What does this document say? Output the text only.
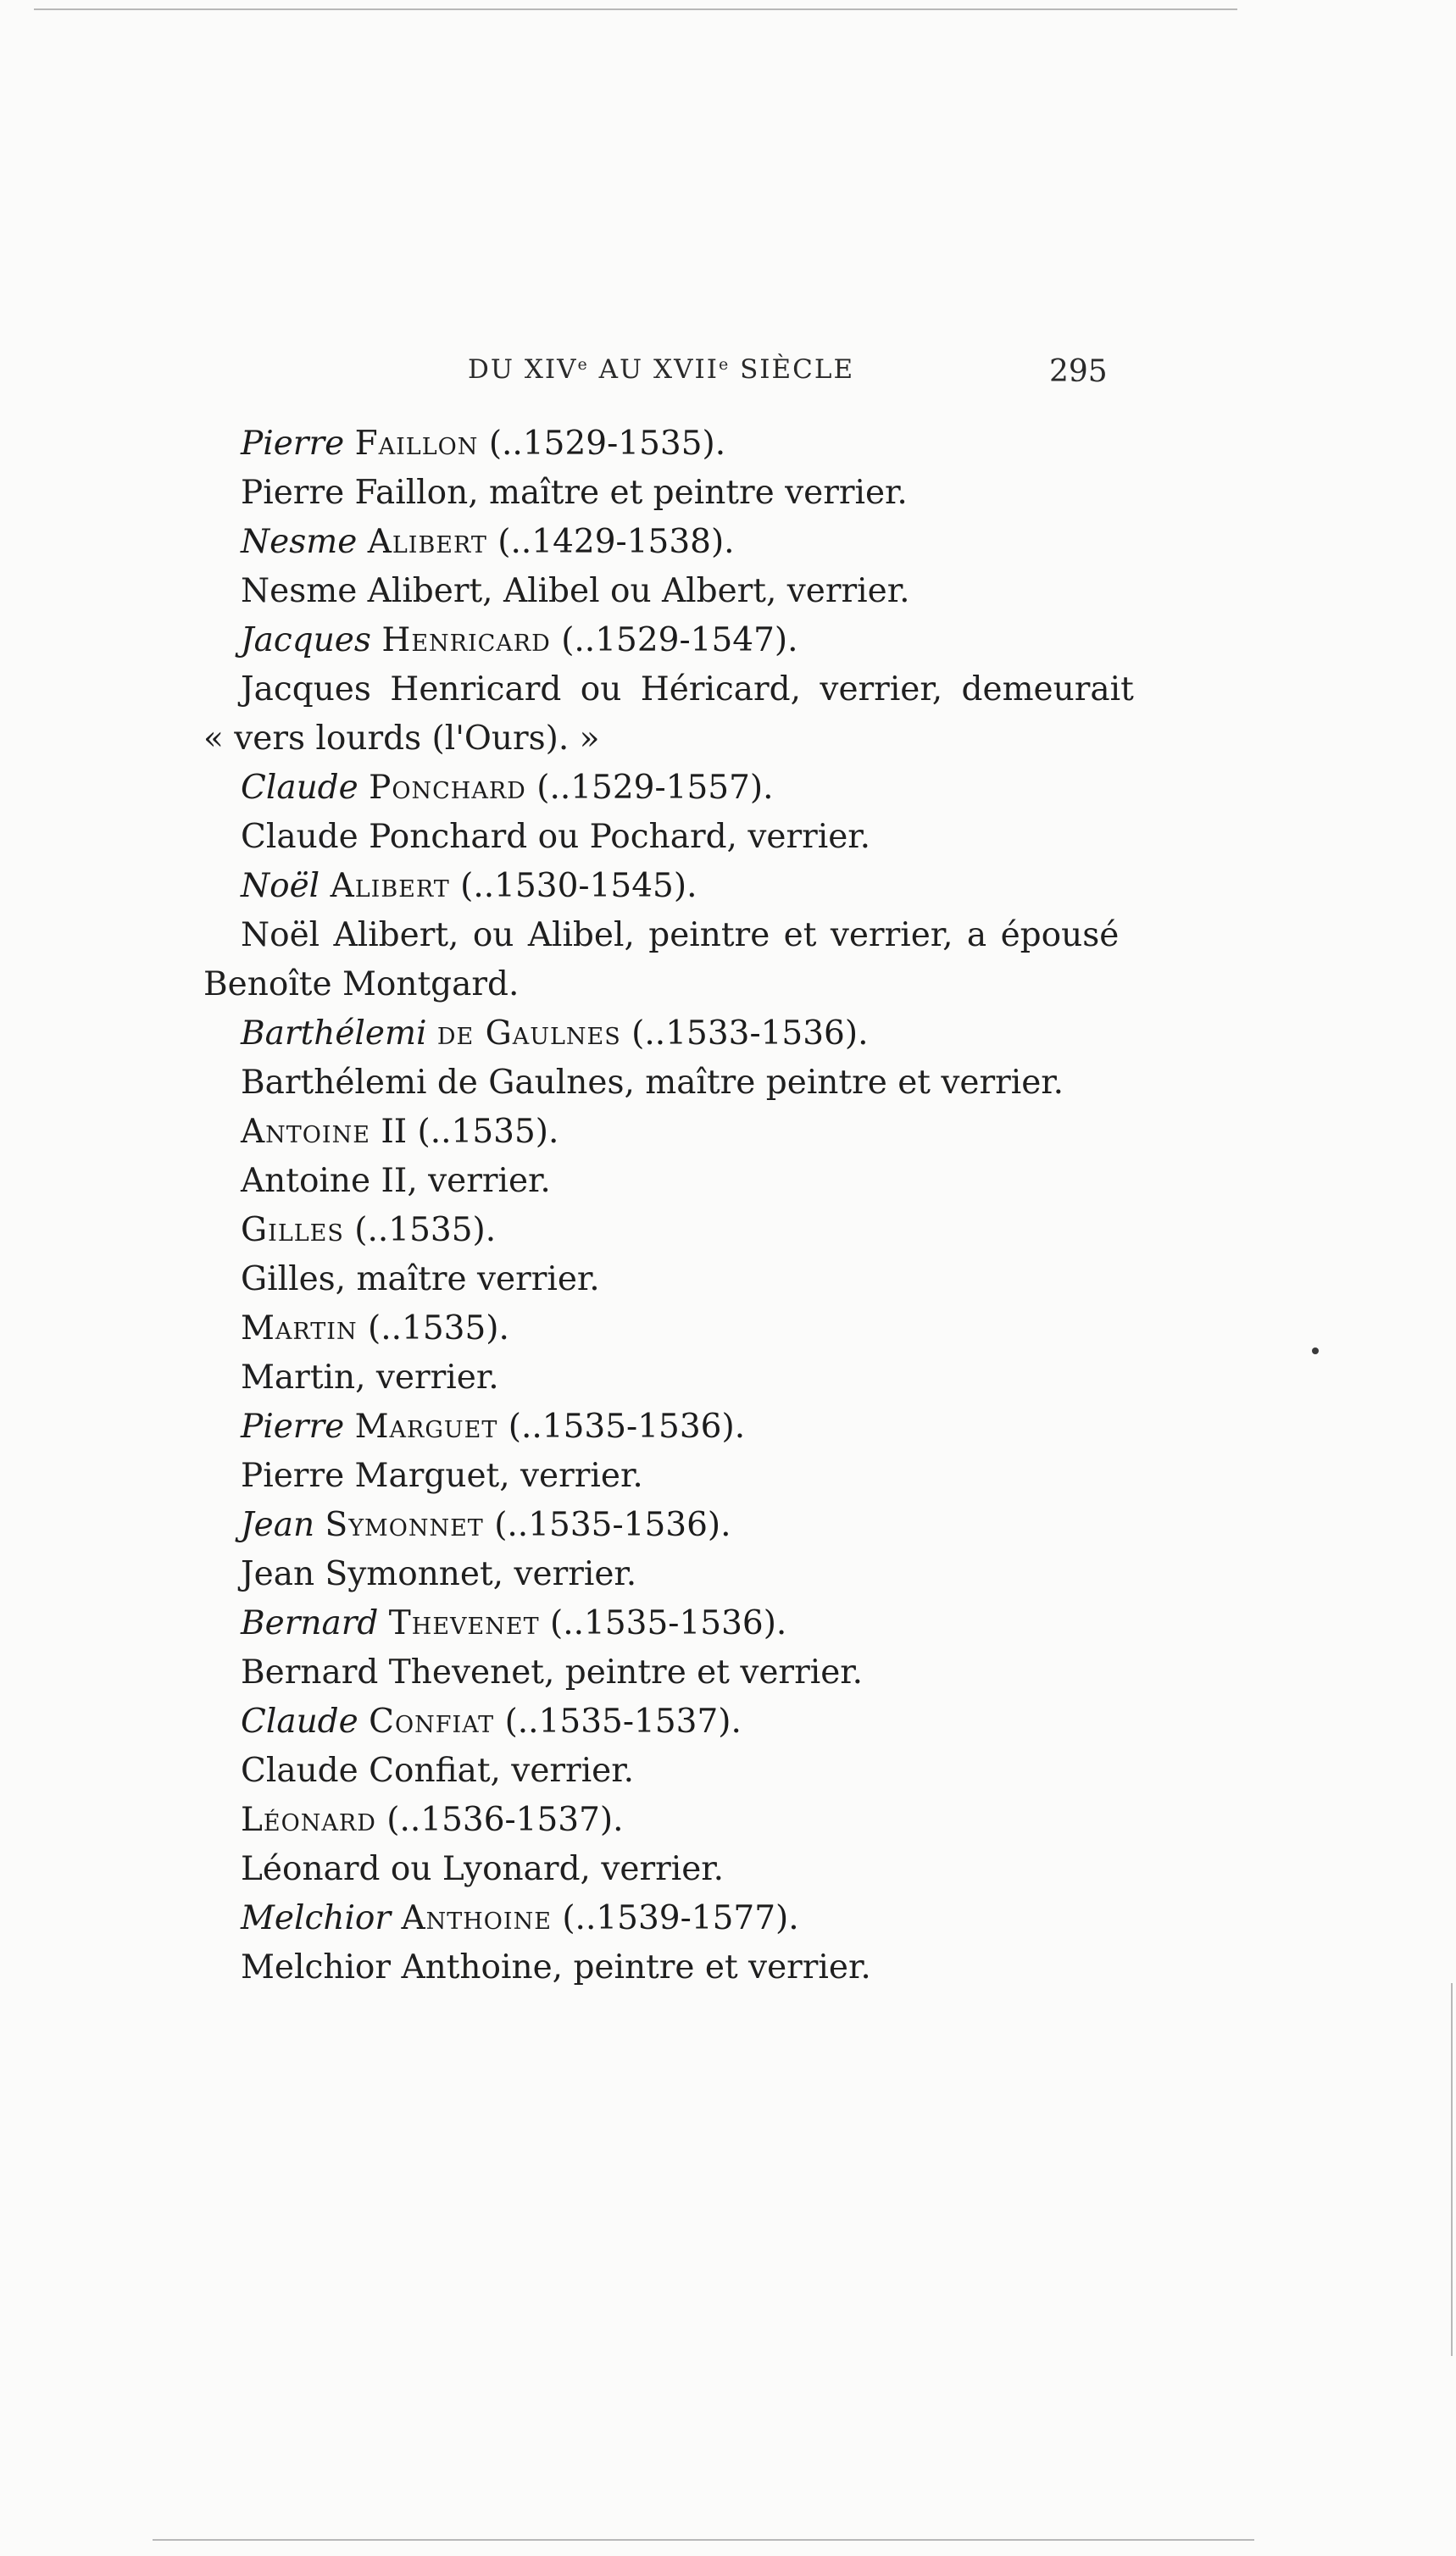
DU XIVe AU XVIIe SIÈCLE	295
Pierre Faillon (..1529-1535).
Pierre Faillon, maître et peintre verrier.
Nesme Alibert (..1429-1538).
Nesme Alibert, Alibel ou Albert, verrier.
Jacques Henricard (..1529-1547).
Jacques Henricard ou Héricard, verrier, demeurait
« vers lourds (l'Ours). »
Claude Ponchard (..1529-1557).
Claude Ponchard ou Pochard, verrier.
Noël Alibert (..1530-1545).
Noël Alibert, ou Alibel, peintre et verrier, a épousé
Benoîte Montgard.
Barthélemi de Gaulnes (..1533-1536).
Barthélemi de Gaulnes, maître peintre et verrier.
Antoine II (..1535).
Antoine II, verrier.
Gilles (..1535).
Gilles, maître verrier.
Martin (..1535).
Martin, verrier.
Pierre Marguet (..1535-1536).
Pierre Marguet, verrier.
Jean Symonnet (..1535-1536).
Jean Symonnet, verrier.
Bernard Thevenet (..1535-1536).
Bernard Thevenet, peintre et verrier.
Claude Confiat (..1535-1537).
Claude Confiat, verrier.
Léonard (..1536-1537).
Léonard ou Lyonard, verrier.
Melchior Anthoine (..1539-1577).
Melchior Anthoine, peintre et verrier.
